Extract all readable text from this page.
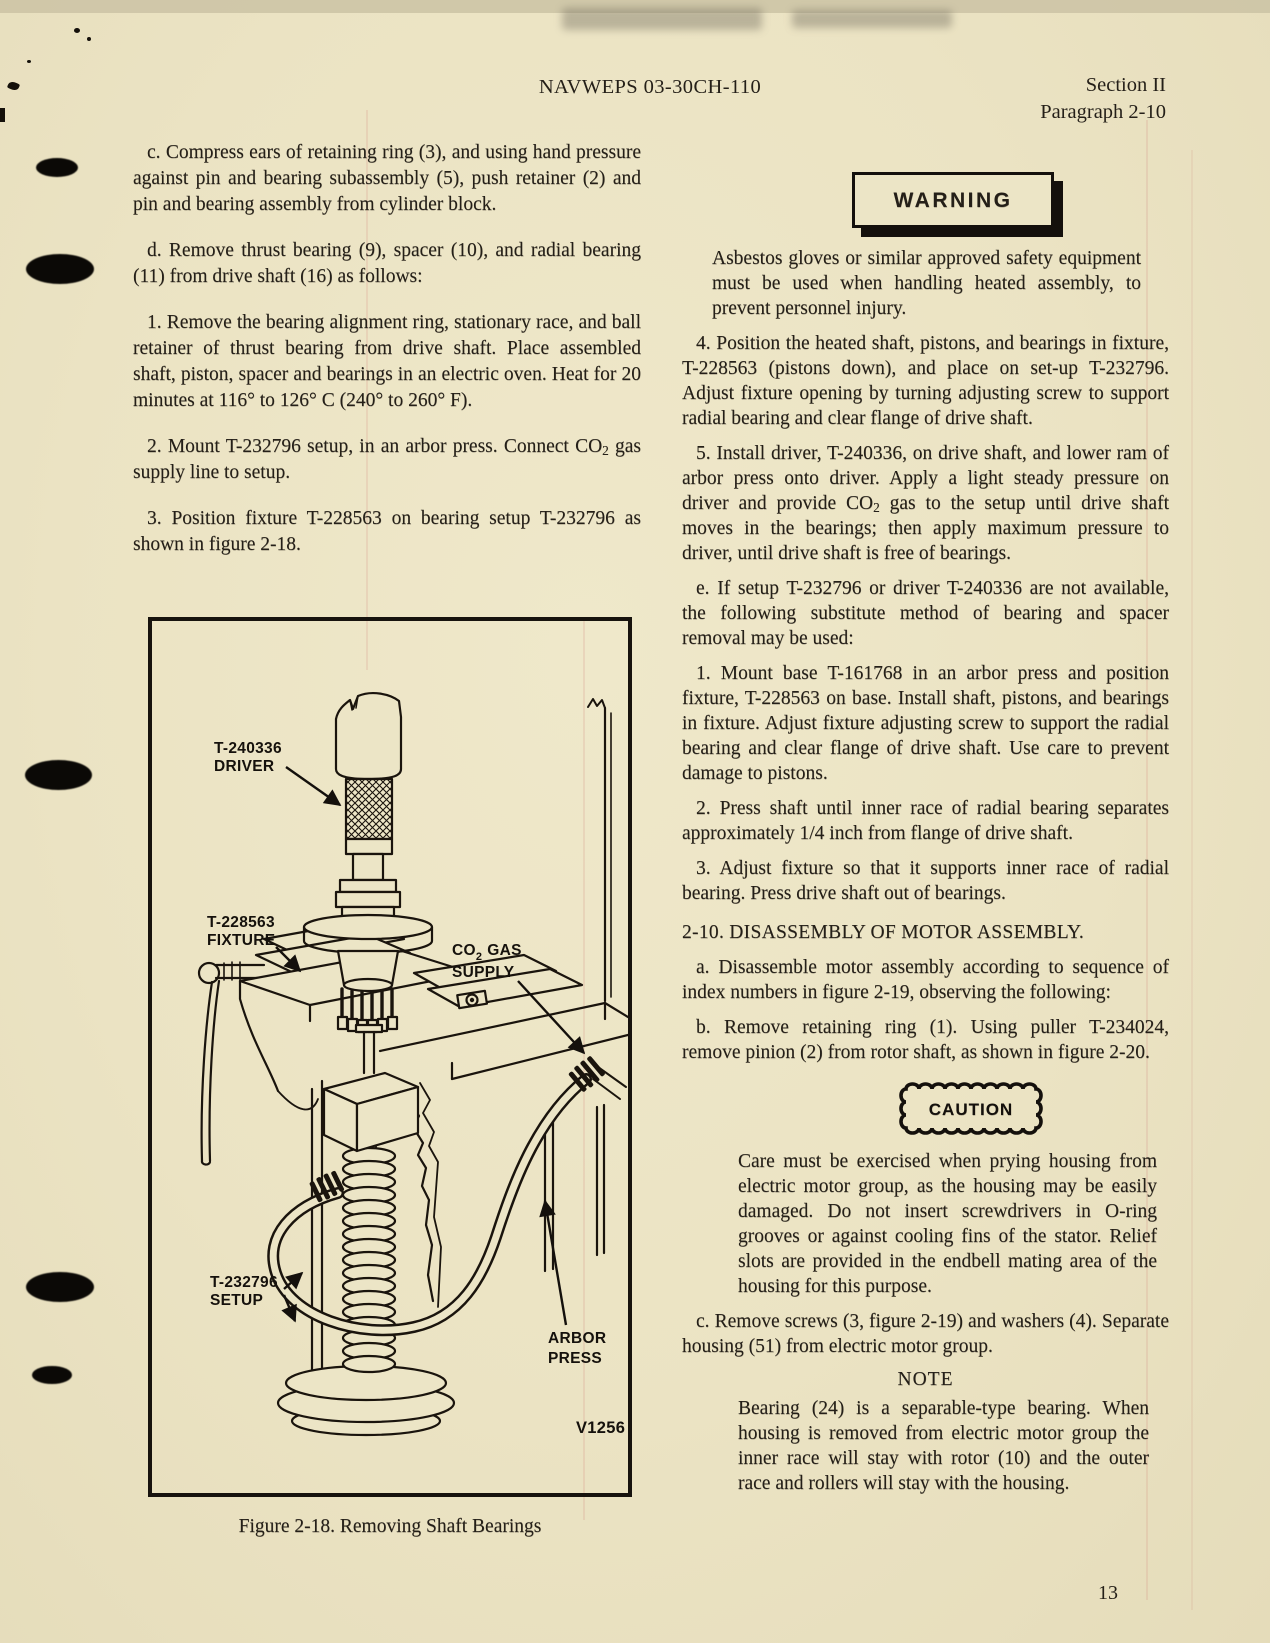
NAVWEPS 03-30CH-110	Section II
Paragraph 2-10

c. Compress ears of retaining ring (3), and using hand pressure against pin and bearing subassembly (5), push retainer (2) and pin and bearing assembly from cylinder block.

d. Remove thrust bearing (9), spacer (10), and radial bearing (11) from drive shaft (16) as follows:

1. Remove the bearing alignment ring, stationary race, and ball retainer of thrust bearing from drive shaft. Place assembled shaft, piston, spacer and bearings in an electric oven. Heat for 20 minutes at 116° to 126° C (240° to 260° F).

2. Mount T-232796 setup, in an arbor press. Connect $CO_2$ gas supply line to setup.

3. Position fixture T-228563 on bearing setup T-232796 as shown in figure 2-18.

T-240336
DRIVER
T-228563
FIXTURE
$CO_2$ GAS
SUPPLY
T-232796
SETUP
ARBOR
PRESS
V1256
Figure 2-18. Removing Shaft Bearings
WARNING

Asbestos gloves or similar approved safety equipment must be used when handling heated assembly, to prevent personnel injury.

4. Position the heated shaft, pistons, and bearings in fixture, T-228563 (pistons down), and place on set-up T-232796. Adjust fixture opening by turning adjusting screw to support radial bearing and clear flange of drive shaft.

5. Install driver, T-240336, on drive shaft, and lower ram of arbor press onto driver. Apply a light steady pressure on driver and provide $CO_2$ gas to the setup until drive shaft moves in the bearings; then apply maximum pressure to driver, until drive shaft is free of bearings.

e. If setup T-232796 or driver T-240336 are not available, the following substitute method of bearing and spacer removal may be used:

1. Mount base T-161768 in an arbor press and position fixture, T-228563 on base. Install shaft, pistons, and bearings in fixture. Adjust fixture adjusting screw to support the radial bearing and clear flange of drive shaft. Use care to prevent damage to pistons.

2. Press shaft until inner race of radial bearing separates approximately 1/4 inch from flange of drive shaft.

3. Adjust fixture so that it supports inner race of radial bearing. Press drive shaft out of bearings.

2-10. DISASSEMBLY OF MOTOR ASSEMBLY.

a. Disassemble motor assembly according to sequence of index numbers in figure 2-19, observing the following:

b. Remove retaining ring (1). Using puller T-234024, remove pinion (2) from rotor shaft, as shown in figure 2-20.

CAUTION

Care must be exercised when prying housing from electric motor group, as the housing may be easily damaged. Do not insert screwdrivers in O-ring grooves or against cooling fins of the stator. Relief slots are provided in the endbell mating area of the housing for this purpose.

c. Remove screws (3, figure 2-19) and washers (4). Separate housing (51) from electric motor group.

NOTE

Bearing (24) is a separable-type bearing. When housing is removed from electric motor group the inner race will stay with rotor (10) and the outer race and rollers will stay with the housing.

13
